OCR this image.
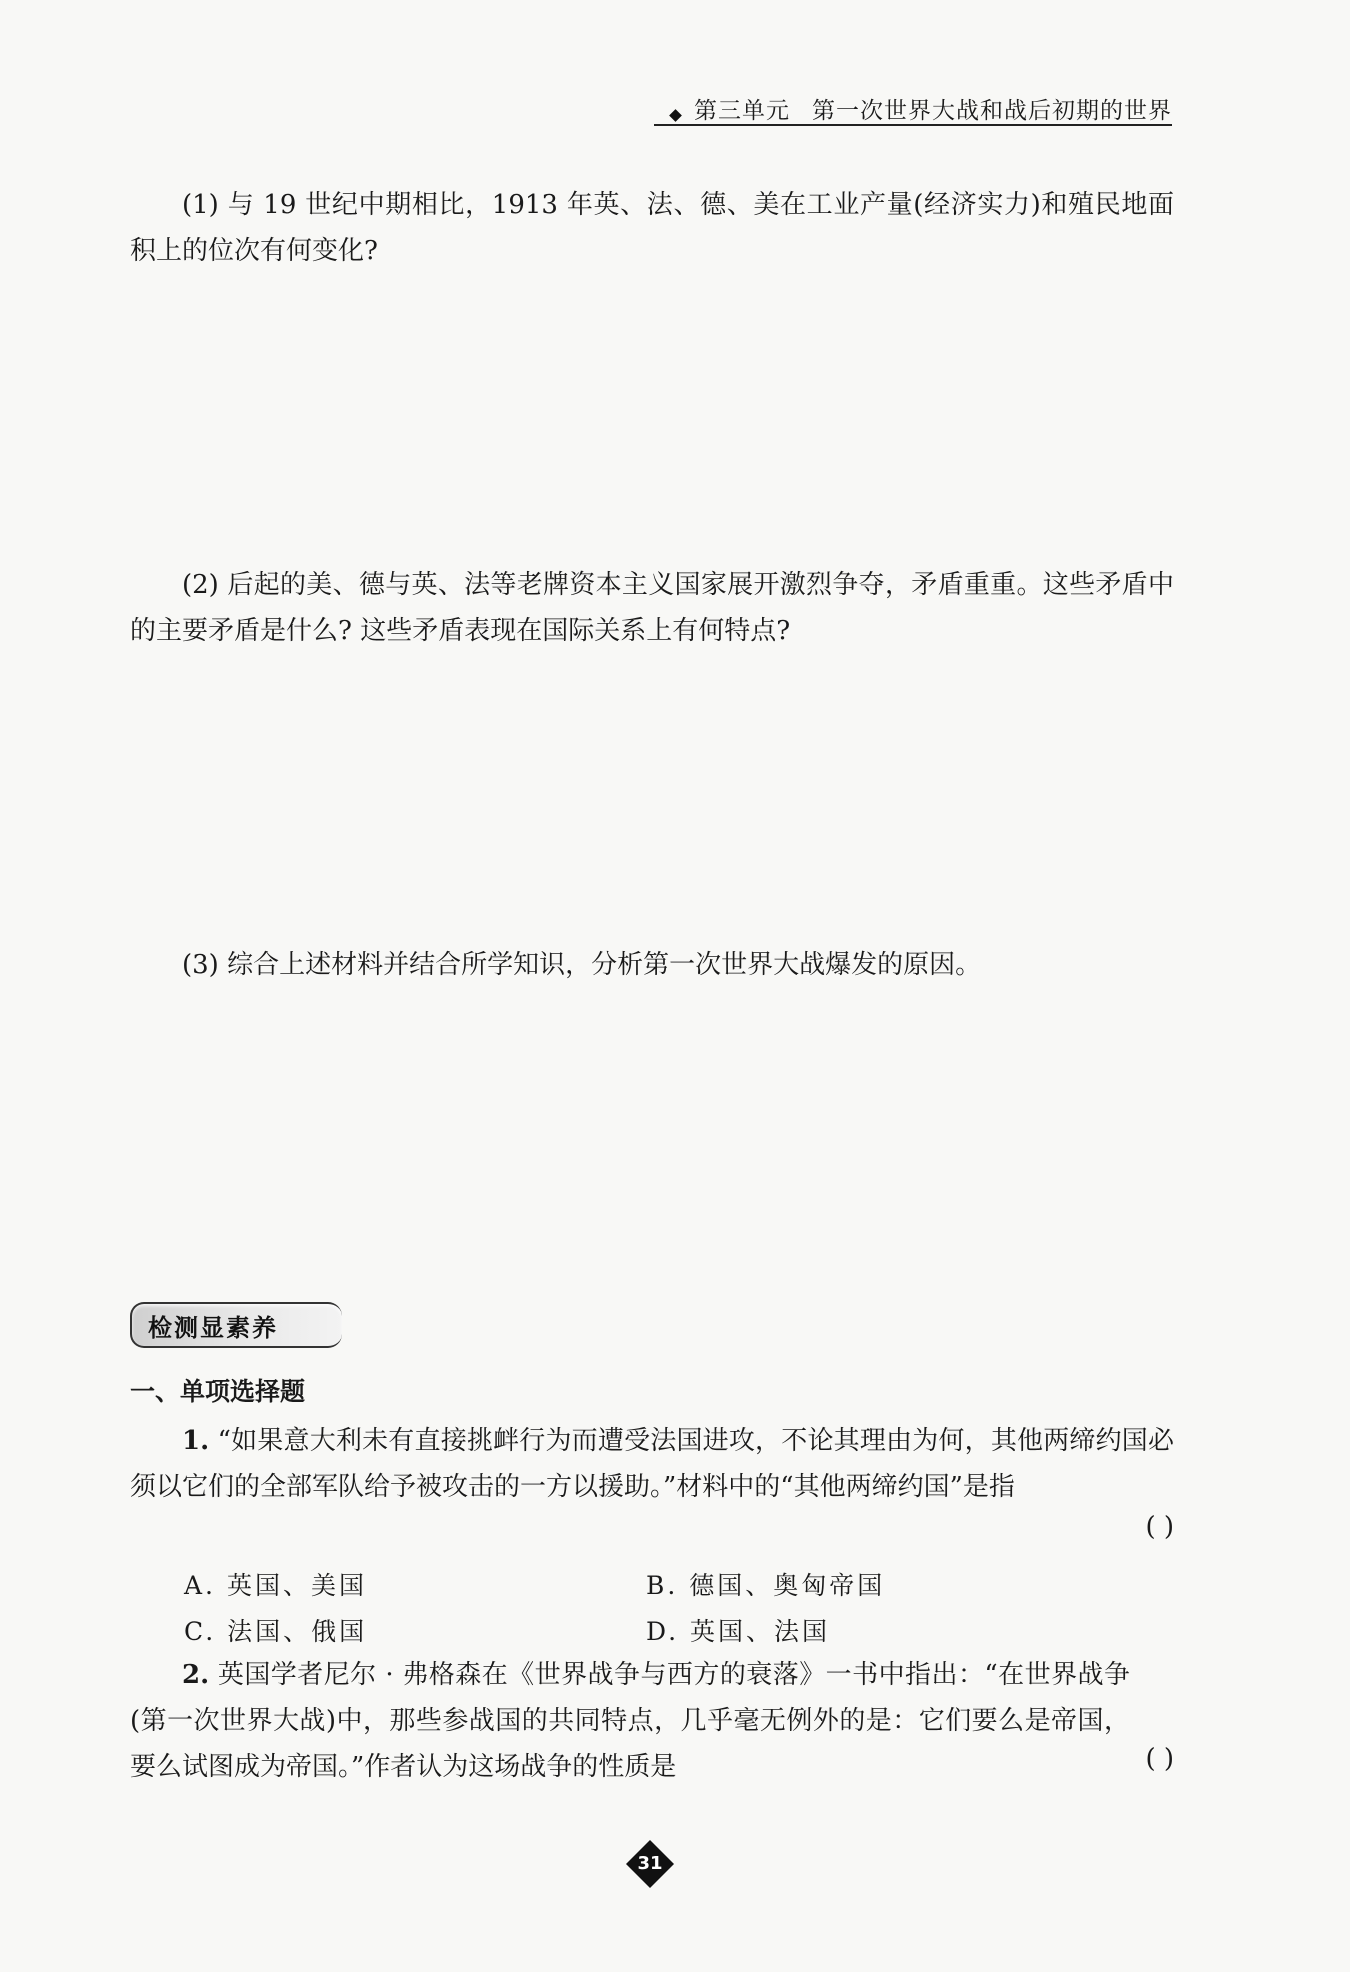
第三单元 第一次世界大战和战后初期的世界
(1) 与 19 世纪中期相比，1913 年英、法、德、美在工业产量(经济实力)和殖民地面积上的位次有何变化?
(2) 后起的美、德与英、法等老牌资本主义国家展开激烈争夺，矛盾重重。这些矛盾中的主要矛盾是什么? 这些矛盾表现在国际关系上有何特点?
(3) 综合上述材料并结合所学知识，分析第一次世界大战爆发的原因。
检测显素养
一、单项选择题
1. “如果意大利未有直接挑衅行为而遭受法国进攻，不论其理由为何，其他两缔约国必须以它们的全部军队给予被攻击的一方以援助。”材料中的“其他两缔约国”是指
( )
A. 英国、美国	B. 德国、奥匈帝国
C. 法国、俄国	D. 英国、法国
2. 英国学者尼尔 · 弗格森在《世界战争与西方的衰落》一书中指出：“在世界战争(第一次世界大战)中，那些参战国的共同特点，几乎毫无例外的是：它们要么是帝国，要么试图成为帝国。”作者认为这场战争的性质是	( )
31
